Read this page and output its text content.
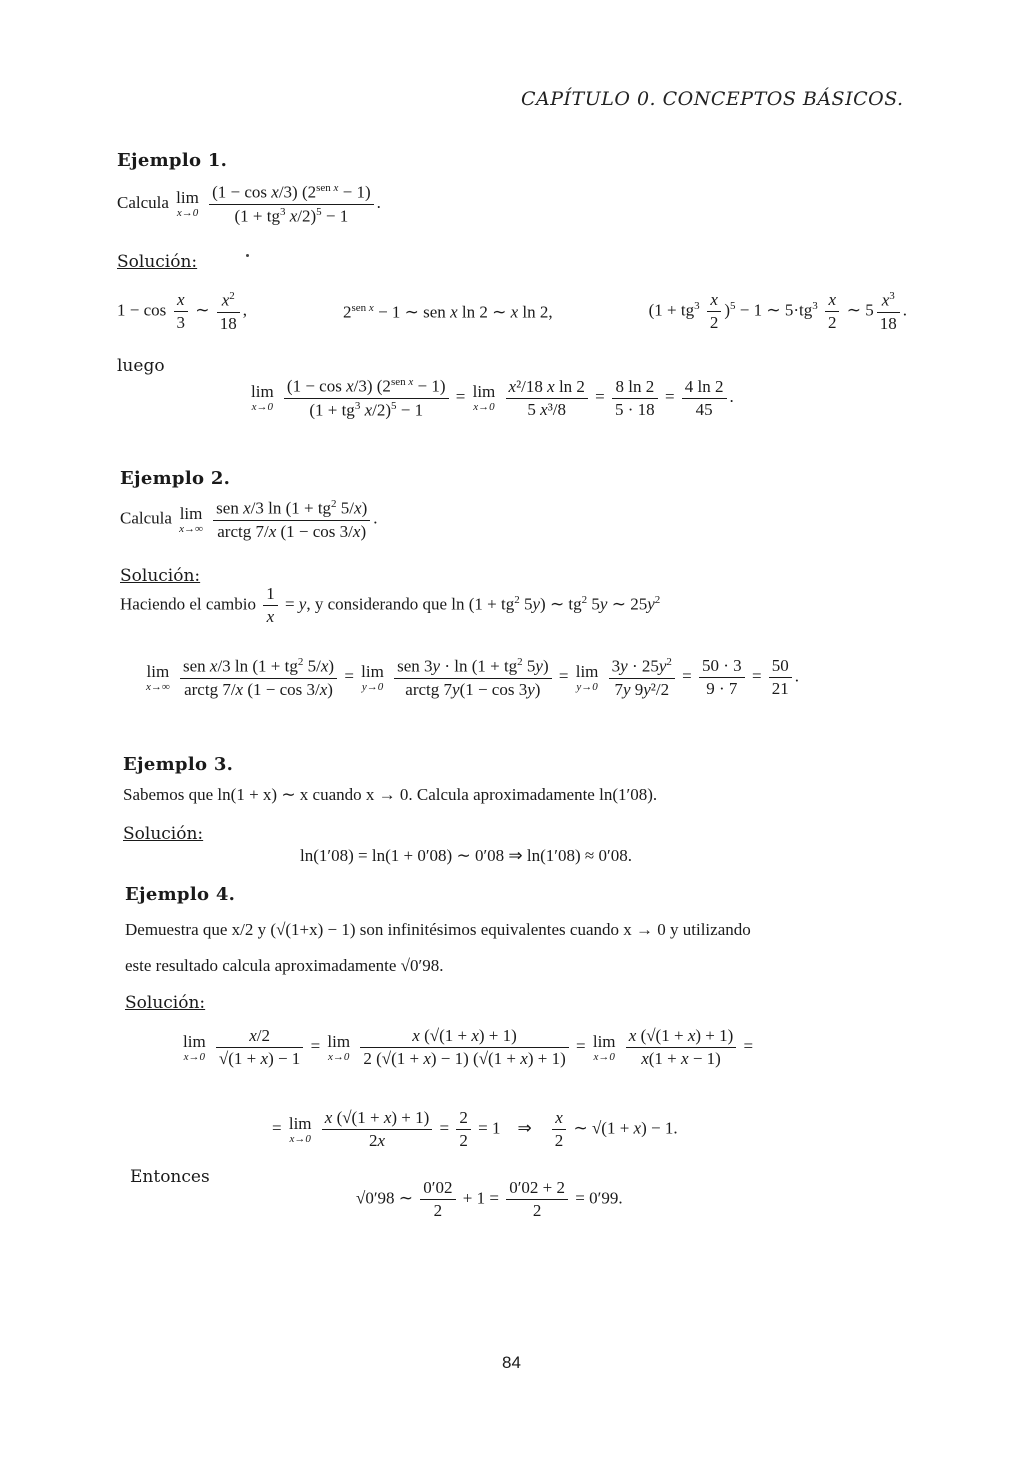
CAPÍTULO 0. CONCEPTOS BÁSICOS.
Ejemplo 1.
Calcula lim
x→0
$\frac{(1 - \cos x/3) (2^{sen x} - 1)}{(1 + tg^3 x/2)^5 - 1}$ .
Solución:
$1 - \cos \frac{x}{3}$ ∼ $\frac{x^2}{18}$ ,	$2^{sen x} - 1$ ∼ sen x ln 2 ∼ x ln 2,	$(1 + tg^3 \frac{x}{2} )^5 - 1$ ∼ $5\cdot tg^3 \frac{x}{2}$ ∼ $5 \frac{x^3}{18}$ .
luego
lim
x→0
$\frac{(1 - \cos x/3) (2^{sen x} - 1)}{(1 + tg^3 x/2)^5 - 1} = \lim$
x→0
$\frac{\text{x²/18 x ln 2}}{\text{5 x³/8}} = \frac{8 \ln 2}{5 \cdot 18} = \frac{4 \ln 2}{45}$ .
Ejemplo 2.
Calcula lim
x→∞
$\frac{sen x/3 \ln (1 + tg^2 5/x)}{\text{arctg 7/x (1 − cos 3/x)}}$ .
Solución:
Haciendo el cambio $\frac{1}{x} = y$, y considerando que $\ln (1 + tg^2$ 5y) ∼ $tg^2$ 5y ∼ $25y^2$
lim
x→∞
$\frac{sen x/3 \ln (1 + tg^2 5/x)}{\text{arctg 7/x (1 − cos 3/x)}} = \lim$
y→0
$\frac{sen 3y \cdot \ln (1 + tg^2 5y)}{\text{arctg 7y(1 − cos 3y)}} = \lim$
y→0
$\frac{3y \cdot 25y^2}{\text{7y 9y²/2}} = \frac{50 \cdot 3}{9 \cdot 7} = \frac{50}{21}$ .
Ejemplo 3.
Sabemos que ln(1 + x) ∼ x cuando x → 0. Calcula aproximadamente ln(1′08).
Solución:
ln(1′08) = ln(1 + 0′08) ∼ 0′08 ⇒ ln(1′08) ≈ 0′08.
Ejemplo 4.
Demuestra que x/2 y (√(1+x) − 1) son infinitésimos equivalentes cuando x → 0 y utilizando
este resultado calcula aproximadamente √0′98.
Solución:
lim
x→0
$\frac{x/2}{√(1 + x) - 1} = \lim$
x→0
$\frac{x (√(1 + x) + 1)}{2 (√(1 + x) - 1) (√(1 + x) + 1)} = \lim$
x→0
$\frac{x (√(1 + x) + 1)}{x(1 + x - 1)}$ =
= lim
x→0
$\frac{x (√(1 + x) + 1)}{2x} = \frac{2}{2} = 1$    ⇒ $\frac{x}{2}$ ∼ √(1 + x) − 1.
Entonces
√0′98 ∼ $\frac{0'02}{2} + 1 = \frac{0'02 + 2}{2} = 0'99$.
84
